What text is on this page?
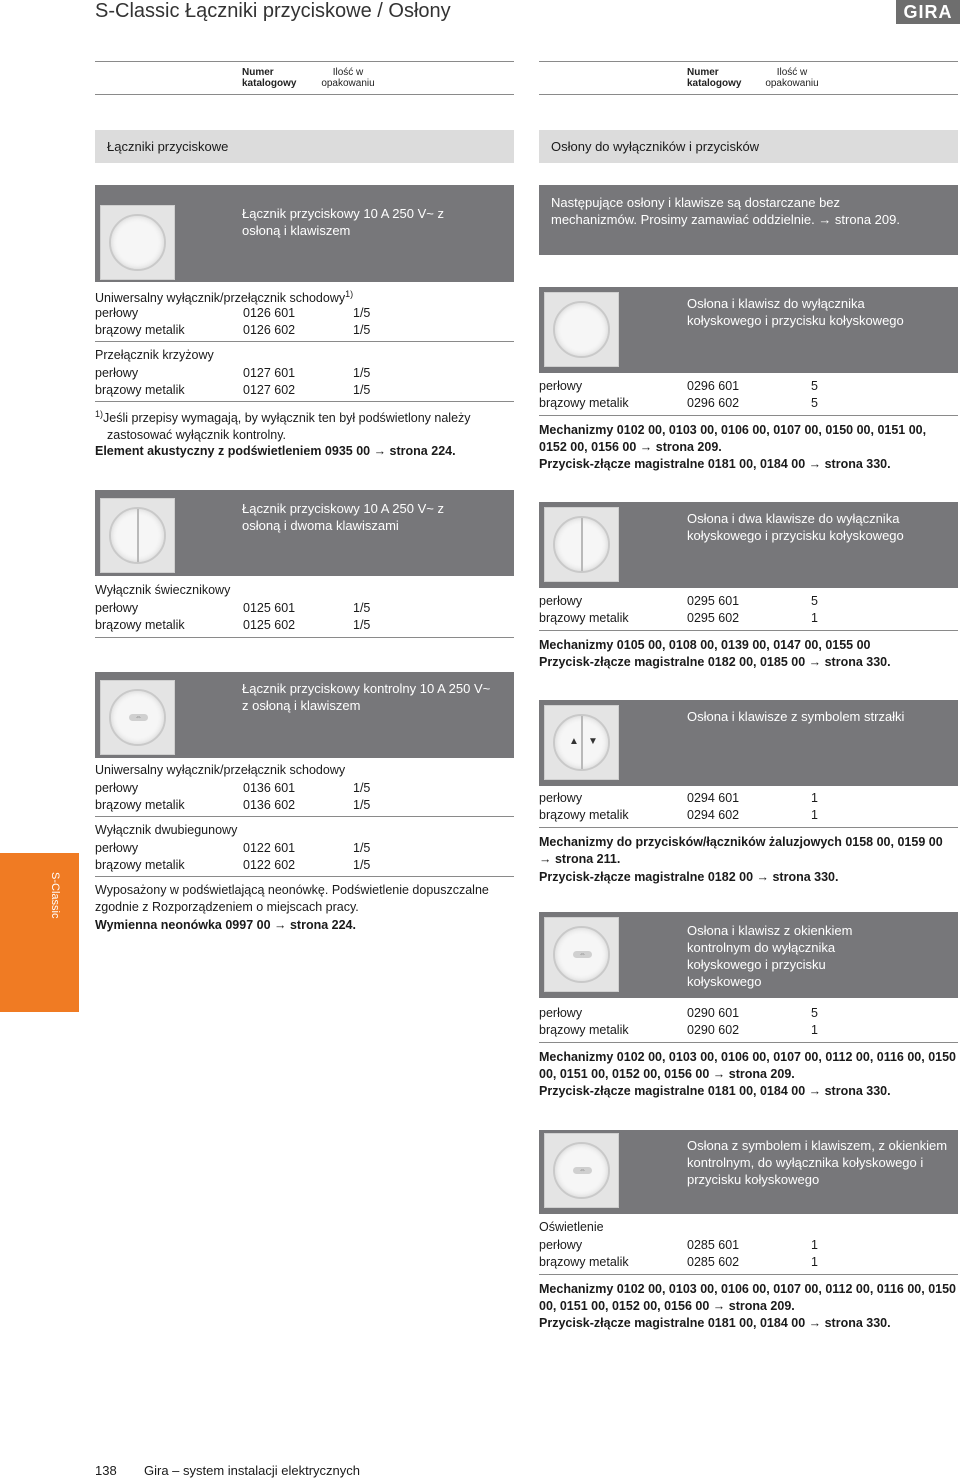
S-Classic Łączniki przyciskowe / Osłony	GIRA
Numer katalogowy
Ilość w opakowaniu
Numer katalogowy
Ilość w opakowaniu
Łączniki przyciskowe	Osłony do wyłączników i przycisków
Łącznik przyciskowy 10 A 250 V~ z osłoną i klawiszem
Uniwersalny wyłącznik/przełącznik schodowy$^{1)}$
perłowy	0126 601	1/5
brązowy metalik	0126 602	1/5
Przełącznik krzyżowy
perłowy	0127 601	1/5
brązowy metalik	0127 602	1/5
$^{1)}$Jeśli przepisy wymagają, by wyłącznik ten był podświetlony należy zastosować wyłącznik kontrolny.
Element akustyczny z podświetleniem 0935 00 → strona 224.
Łącznik przyciskowy 10 A 250 V~ z osłoną i dwoma klawiszami
Wyłącznik świecznikowy
perłowy	0125 601	1/5
brązowy metalik	0125 602	1/5
⇔
Łącznik przyciskowy kontrolny 10 A 250 V~ z osłoną i klawiszem
Uniwersalny wyłącznik/przełącznik schodowy
perłowy	0136 601	1/5
brązowy metalik	0136 602	1/5
Wyłącznik dwubiegunowy
perłowy	0122 601	1/5
brązowy metalik	0122 602	1/5
Wyposażony w podświetlającą neonówkę. Podświetlenie dopuszczalne zgodnie z Rozporządzeniem o miejscach pracy.
Wymienna neonówka 0997 00 → strona 224.
Następujące osłony i klawisze są dostarczane bez mechanizmów. Prosimy zamawiać oddzielnie. → strona 209.
Osłona i klawisz do wyłącznika kołyskowego i przycisku kołyskowego
perłowy	0296 601	5
brązowy metalik	0296 602	5
Mechanizmy 0102 00, 0103 00, 0106 00, 0107 00, 0150 00, 0151 00, 0152 00, 0156 00 → strona 209.
Przycisk-złącze magistralne 0181 00, 0184 00 → strona 330.
Osłona i dwa klawisze do wyłącznika kołyskowego i przycisku kołyskowego
perłowy	0295 601	5
brązowy metalik	0295 602	1
Mechanizmy 0105 00, 0108 00, 0139 00, 0147 00, 0155 00
Przycisk-złącze magistralne 0182 00, 0185 00 → strona 330.
▲ ▼
Osłona i klawisze z symbolem strzałki
perłowy	0294 601	1
brązowy metalik	0294 602	1
Mechanizmy do przycisków/łączników żaluzjowych 0158 00, 0159 00 → strona 211.
Przycisk-złącze magistralne 0182 00 → strona 330.
⇔
Osłona i klawisz z okienkiem kontrolnym do wyłącznika kołyskowego i przycisku kołyskowego
perłowy	0290 601	5
brązowy metalik	0290 602	1
Mechanizmy 0102 00, 0103 00, 0106 00, 0107 00, 0112 00, 0116 00, 0150 00, 0151 00, 0152 00, 0156 00 → strona 209.
Przycisk-złącze magistralne 0181 00, 0184 00 → strona 330.
⇔
Osłona z symbolem i klawiszem, z okienkiem kontrolnym, do wyłącznika kołyskowego i przycisku kołyskowego
Oświetlenie
perłowy	0285 601	1
brązowy metalik	0285 602	1
Mechanizmy 0102 00, 0103 00, 0106 00, 0107 00, 0112 00, 0116 00, 0150 00, 0151 00, 0152 00, 0156 00 → strona 209.
Przycisk-złącze magistralne 0181 00, 0184 00 → strona 330.
S-Classic
138 Gira – system instalacji elektrycznych
